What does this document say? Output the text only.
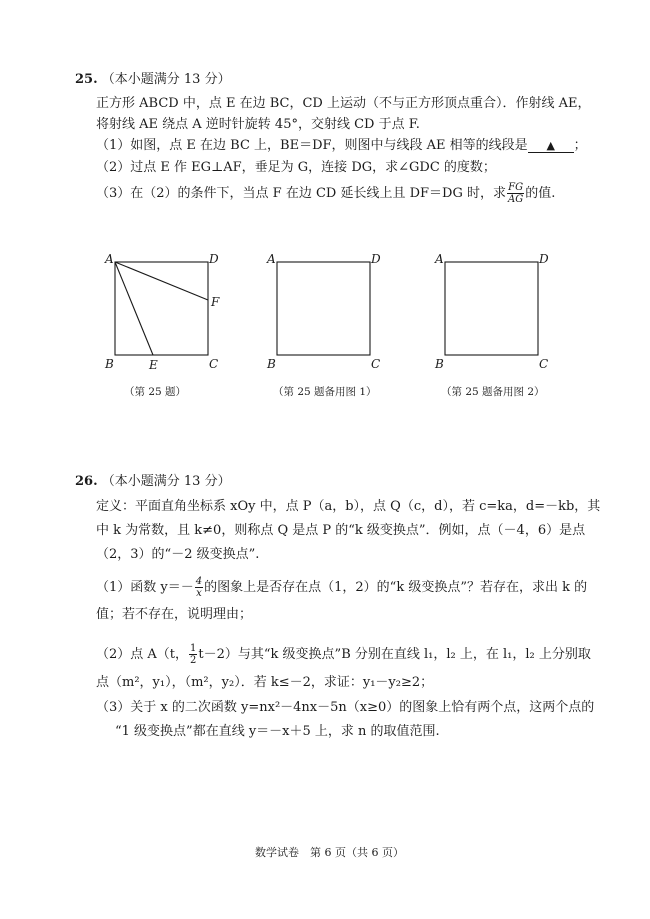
25. （本小题满分 13 分）
正方形 ABCD 中，点 E 在边 BC，CD 上运动（不与正方形顶点重合）．作射线 AE，
将射线 AE 绕点 A 逆时针旋转 45°，交射线 CD 于点 F.
（1）如图，点 E 在边 BC 上，BE＝DF，则图中与线段 AE 相等的线段是 ▲ ；
（2）过点 E 作 EG⊥AF，垂足为 G，连接 DG，求∠GDC 的度数；
（3）在（2）的条件下，当点 F 在边 CD 延长线上且 DF＝DG 时，求 $\frac{FG}{AG}$ 的值.
A	D
F
B	E	C
A	D
B	C
A	D
B	C
（第 25 题）	（第 25 题备用图 1）	（第 25 题备用图 2）
26. （本小题满分 13 分）
定义：平面直角坐标系 xOy 中，点 P（a，b），点 Q（c，d），若 c=ka，d=－kb，其
中 k 为常数，且 k≠0，则称点 Q 是点 P 的“k 级变换点”．例如，点（－4，6）是点
（2，3）的“－2 级变换点”.
（1）函数 $y=- \frac{4}{x}$ 的图象上是否存在点（1，2）的“k 级变换点”？若存在，求出 k 的
值；若不存在，说明理由；
（2）点 A（t， $\frac{1}{2} t-2$）与其“k 级变换点”B 分别在直线 l₁，l₂ 上，在 l₁，l₂ 上分别取
点（m²，y₁），（m²，y₂）．若 k≤－2，求证：y₁－y₂≥2；
（3）关于 x 的二次函数 y=nx²－4nx－5n（x≥0）的图象上恰有两个点，这两个点的
“1 级变换点”都在直线 y＝－x＋5 上，求 n 的取值范围.
数学试卷　第 6 页（共 6 页）
